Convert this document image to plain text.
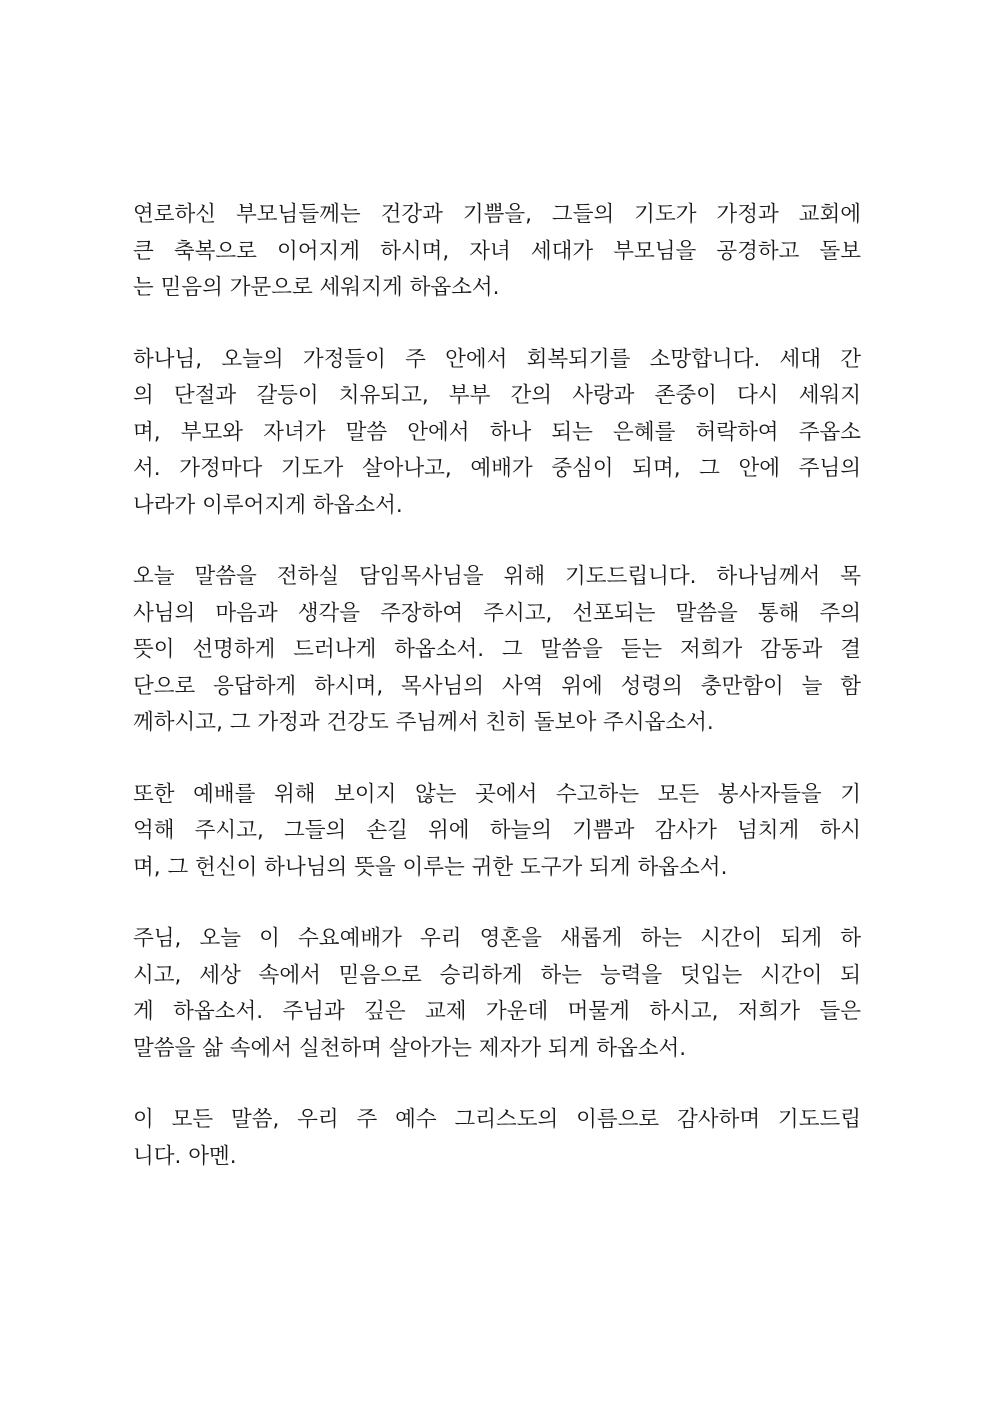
연로하신 부모님들께는 건강과 기쁨을, 그들의 기도가 가정과 교회에
큰 축복으로 이어지게 하시며, 자녀 세대가 부모님을 공경하고 돌보
는 믿음의 가문으로 세워지게 하옵소서.
하나님, 오늘의 가정들이 주 안에서 회복되기를 소망합니다. 세대 간
의 단절과 갈등이 치유되고, 부부 간의 사랑과 존중이 다시 세워지
며, 부모와 자녀가 말씀 안에서 하나 되는 은혜를 허락하여 주옵소
서. 가정마다 기도가 살아나고, 예배가 중심이 되며, 그 안에 주님의
나라가 이루어지게 하옵소서.
오늘 말씀을 전하실 담임목사님을 위해 기도드립니다. 하나님께서 목
사님의 마음과 생각을 주장하여 주시고, 선포되는 말씀을 통해 주의
뜻이 선명하게 드러나게 하옵소서. 그 말씀을 듣는 저희가 감동과 결
단으로 응답하게 하시며, 목사님의 사역 위에 성령의 충만함이 늘 함
께하시고, 그 가정과 건강도 주님께서 친히 돌보아 주시옵소서.
또한 예배를 위해 보이지 않는 곳에서 수고하는 모든 봉사자들을 기
억해 주시고, 그들의 손길 위에 하늘의 기쁨과 감사가 넘치게 하시
며, 그 헌신이 하나님의 뜻을 이루는 귀한 도구가 되게 하옵소서.
주님, 오늘 이 수요예배가 우리 영혼을 새롭게 하는 시간이 되게 하
시고, 세상 속에서 믿음으로 승리하게 하는 능력을 덧입는 시간이 되
게 하옵소서. 주님과 깊은 교제 가운데 머물게 하시고, 저희가 들은
말씀을 삶 속에서 실천하며 살아가는 제자가 되게 하옵소서.
이 모든 말씀, 우리 주 예수 그리스도의 이름으로 감사하며 기도드립
니다. 아멘.
